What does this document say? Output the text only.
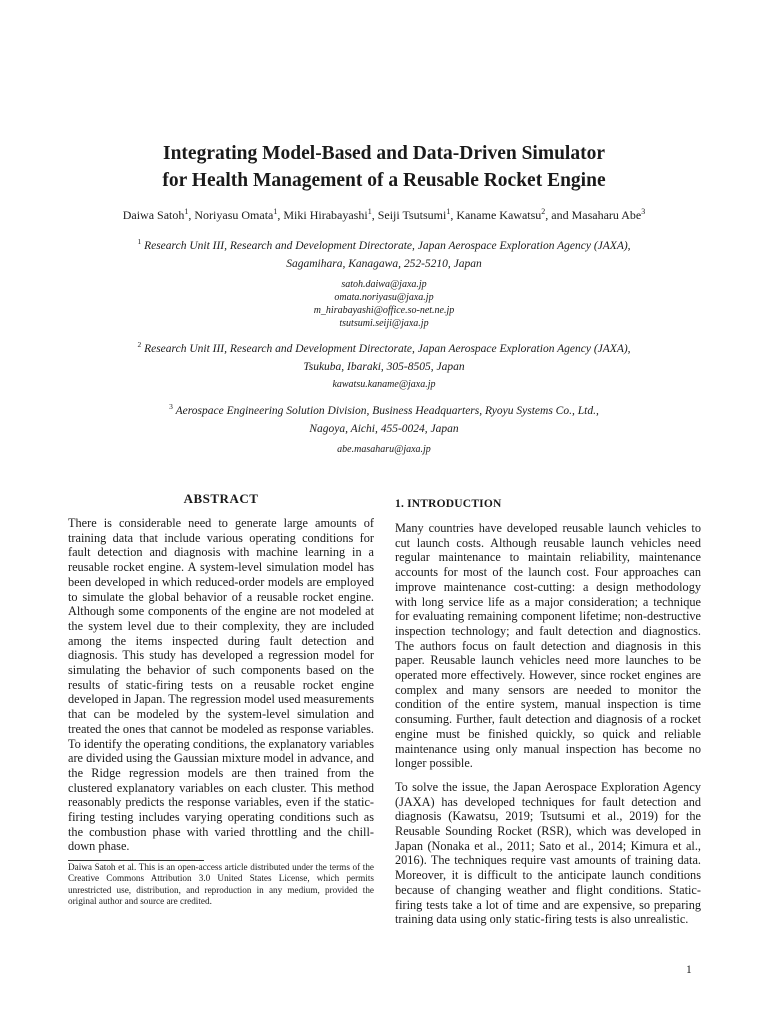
Integrating Model-Based and Data-Driven Simulator
for Health Management of a Reusable Rocket Engine
Daiwa Satoh$^1$, Noriyasu Omata$^1$, Miki Hirabayashi$^1$, Seiji Tsutsumi$^1$, Kaname Kawatsu$^2$, and Masaharu Abe$^3$
$^1$ Research Unit III, Research and Development Directorate, Japan Aerospace Exploration Agency (JAXA),
Sagamihara, Kanagawa, 252-5210, Japan
satoh.daiwa@jaxa.jp
omata.noriyasu@jaxa.jp
m_hirabayashi@office.so-net.ne.jp
tsutsumi.seiji@jaxa.jp
$^2$ Research Unit III, Research and Development Directorate, Japan Aerospace Exploration Agency (JAXA),
Tsukuba, Ibaraki, 305-8505, Japan
kawatsu.kaname@jaxa.jp
$^3$ Aerospace Engineering Solution Division, Business Headquarters, Ryoyu Systems Co., Ltd.,
Nagoya, Aichi, 455-0024, Japan
abe.masaharu@jaxa.jp
ABSTRACT

There is considerable need to generate large amounts of training data that include various operating conditions for fault detection and diagnosis with machine learning in a reusable rocket engine. A system-level simulation model has been developed in which reduced-order models are employed to simulate the global behavior of a reusable rocket engine. Although some components of the engine are not modeled at the system level due to their complexity, they are included among the items inspected during fault detection and diagnosis. This study has developed a regression model for simulating the behavior of such components based on the results of static-firing tests on a reusable rocket engine developed in Japan. The regression model used measurements that can be modeled by the system-level simulation and treated the ones that cannot be modeled as response variables. To identify the operating conditions, the explanatory variables are divided using the Gaussian mixture model in advance, and the Ridge regression models are then trained from the clustered explanatory variables on each cluster. This method reasonably predicts the response variables, even if the static-firing testing includes varying operating conditions such as the combustion phase with varied throttling and the chill-down phase.

Daiwa Satoh et al. This is an open-access article distributed under the terms of the Creative Commons Attribution 3.0 United States License, which permits unrestricted use, distribution, and reproduction in any medium, provided the original author and source are credited.
1. INTRODUCTION

Many countries have developed reusable launch vehicles to cut launch costs. Although reusable launch vehicles need regular maintenance to maintain reliability, maintenance accounts for most of the launch cost. Four approaches can improve maintenance cost-cutting: a design methodology with long service life as a major consideration; a technique for evaluating remaining component lifetime; non-destructive inspection technology; and fault detection and diagnostics. The authors focus on fault detection and diagnosis in this paper. Reusable launch vehicles need more launches to be operated more effectively. However, since rocket engines are complex and many sensors are needed to monitor the condition of the entire system, manual inspection is time consuming. Further, fault detection and diagnosis of a rocket engine must be finished quickly, so quick and reliable maintenance using only manual inspection has become no longer possible.

To solve the issue, the Japan Aerospace Exploration Agency (JAXA) has developed techniques for fault detection and diagnosis (Kawatsu, 2019; Tsutsumi et al., 2019) for the Reusable Sounding Rocket (RSR), which was developed in Japan (Nonaka et al., 2011; Sato et al., 2014; Kimura et al., 2016). The techniques require vast amounts of training data. Moreover, it is difficult to the anticipate launch conditions because of changing weather and flight conditions. Static-firing tests take a lot of time and are expensive, so preparing training data using only static-firing tests is also unrealistic.

1
